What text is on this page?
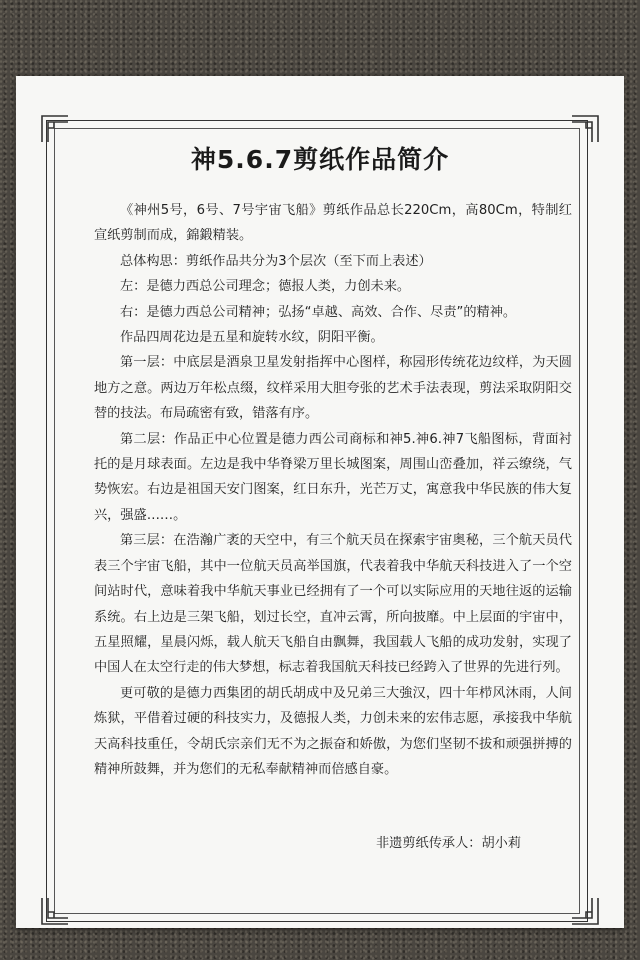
神5.6.7剪纸作品简介

《神州5号，6号、7号宇宙飞船》剪纸作品总长220Cm，高80Cm，特制红宣纸剪制而成，錦鍛精装。

总体构思：剪纸作品共分为3个层次（至下而上表述）

左：是德力西总公司理念；德报人类，力创未来。

右：是德力西总公司精神；弘扬“卓越、高效、合作、尽责”的精神。

作品四周花边是五星和旋转水纹，阴阳平衡。

第一层：中底层是酒泉卫星发射指挥中心图样，称园形传统花边纹样，为天圆地方之意。两边万年松点缀，纹样采用大胆夸张的艺术手法表现，剪法采取阴阳交替的技法。布局疏密有致，错落有序。

第二层：作品正中心位置是德力西公司商标和神5.神6.神7飞船图标，背面衬托的是月球表面。左边是我中华脊梁万里长城图案，周围山峦叠加，祥云缭绕，气势恢宏。右边是祖国天安门图案，红日东升，光芒万丈，寓意我中华民族的伟大复兴，强盛……。

第三层：在浩瀚广袤的天空中，有三个航天员在探索宇宙奥秘，三个航天员代表三个宇宙飞船，其中一位航天员高举国旗，代表着我中华航天科技进入了一个空间站时代，意味着我中华航天事业已经拥有了一个可以实际应用的天地往返的运输系统。右上边是三架飞船，划过长空，直冲云霄，所向披靡。中上层面的宇宙中，五星照耀，星晨闪烁，载人航天飞船自由飘舞，我国载人飞船的成功发射，实现了中国人在太空行走的伟大梦想，标志着我国航天科技已经跨入了世界的先进行列。

更可敬的是德力西集团的胡氏胡成中及兄弟三大強汉，四十年栉风沐雨，人间炼狱，平借着过硬的科技实力，及德报人类，力创未来的宏伟志愿，承接我中华航天高科技重任，令胡氏宗亲们无不为之振奋和娇傲，为您们坚韧不拔和顽强拼搏的精神所鼓舞，并为您们的无私奉献精神而倍感自豪。

非遗剪纸传承人：胡小莉
